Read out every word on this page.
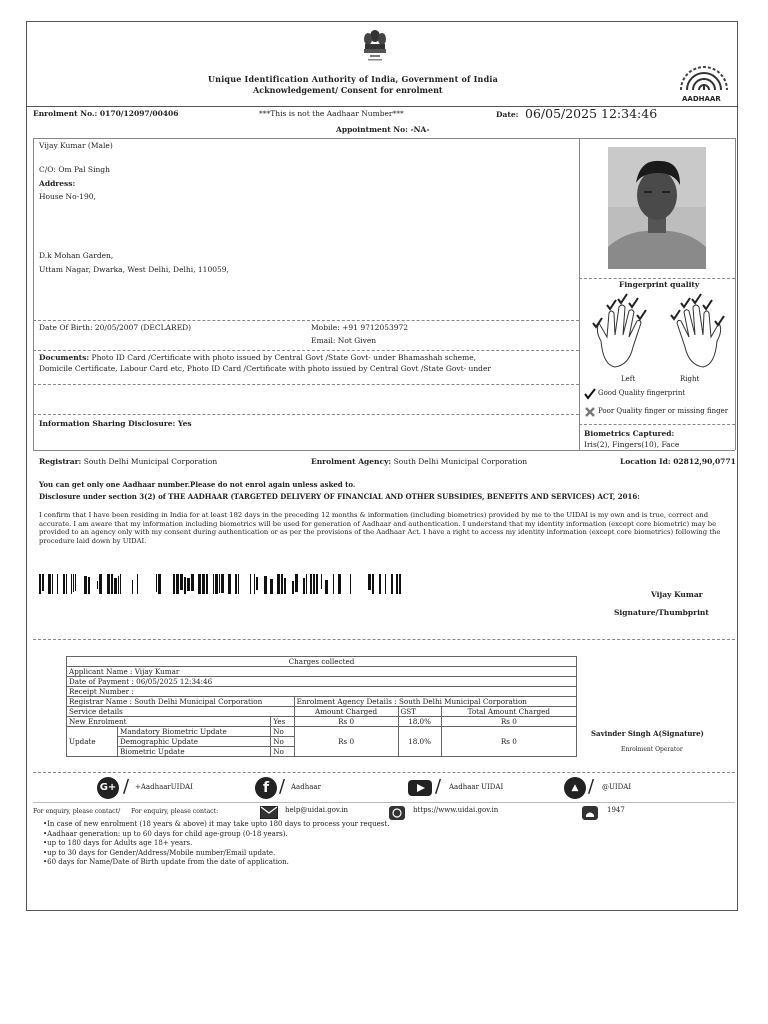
Unique Identification Authority of India, Government of India
Acknowledgement/ Consent for enrolment
AADHAAR
Enrolment No.: 0170/12097/00406	***This is not the Aadhaar Number***	Date: 06/05/2025 12:34:46
Appointment No: -NA-
Vijay Kumar (Male)
C/O: Om Pal Singh
Address:
House No-190,
D.k Mohan Garden,
Uttam Nagar, Dwarka, West Delhi, Delhi, 110059,
Date Of Birth: 20/05/2007 (DECLARED)	Mobile: +91 9712053972
Email: Not Given
Documents: Photo ID Card /Certificate with photo issued by Central Govt /State Govt- under Bhamashah scheme,
Domicile Certificate, Labour Card etc, Photo ID Card /Certificate with photo issued by Central Govt /State Govt- under
Information Sharing Disclosure: Yes
Fingerprint quality
Left	Right
Good Quality fingerprint
Poor Quality finger or missing finger
Biometrics Captured:
Iris(2), Fingers(10), Face
Registrar: South Delhi Municipal Corporation	Enrolment Agency: South Delhi Municipal Corporation	Location Id: 02812,90,0771
You can get only one Aadhaar number.Please do not enrol again unless asked to.
Disclosure under section 3(2) of THE AADHAAR (TARGETED DELIVERY OF FINANCIAL AND OTHER SUBSIDIES, BENEFITS AND SERVICES) ACT, 2016:
I confirm that I have been residing in India for at least 182 days in the preceding 12 months & information (including biometrics) provided by me to the UIDAI is my own and is true, correct and accurate. I am aware that my information including biometrics will be used for generation of Aadhaar and authentication. I understand that my identity information (except core biometric) may be provided to an agency only with my consent during authentication or as per the provisions of the Aadhaar Act. I have a right to access my identity information (except core biometrics) following the procedure laid down by UIDAI.
Vijay Kumar
Signature/Thumbprint
Charges collected					
Applicant Name : Vijay Kumar					
Date of Payment : 06/05/2025 12:34:46					
Receipt Number :					
Registrar Name : South Delhi Municipal Corporation			Enrolment Agency Details : South Delhi Municipal Corporation		
Service details			Amount Charged	GST	Total Amount Charged
New Enrolment		Yes	Rs 0	18.0%	Rs 0
Update	Mandatory Biometric Update	No	Rs 0	18.0%	Rs 0
	Demographic Update	No			
	Biometric Update	No			
Savinder Singh A(Signature)
Enrolment Operator
G+ / +AadhaarUIDAI	f / Aadhaar	/ Aadhaar UIDAI	▲ / @UIDAI
For enquiry, please contact/ For enquiry, please contact:	help@uidai.gov.in	https://www.uidai.gov.in	1947
•In case of new enrolment (18 years & above) it may take upto 180 days to process your request.
•Aadhaar generation: up to 60 days for child age-group (0-18 years).
•up to 180 days for Adults age 18+ years.
•up to 30 days for Gender/Address/Mobile number/Email update.
•60 days for Name/Date of Birth update from the date of application.
